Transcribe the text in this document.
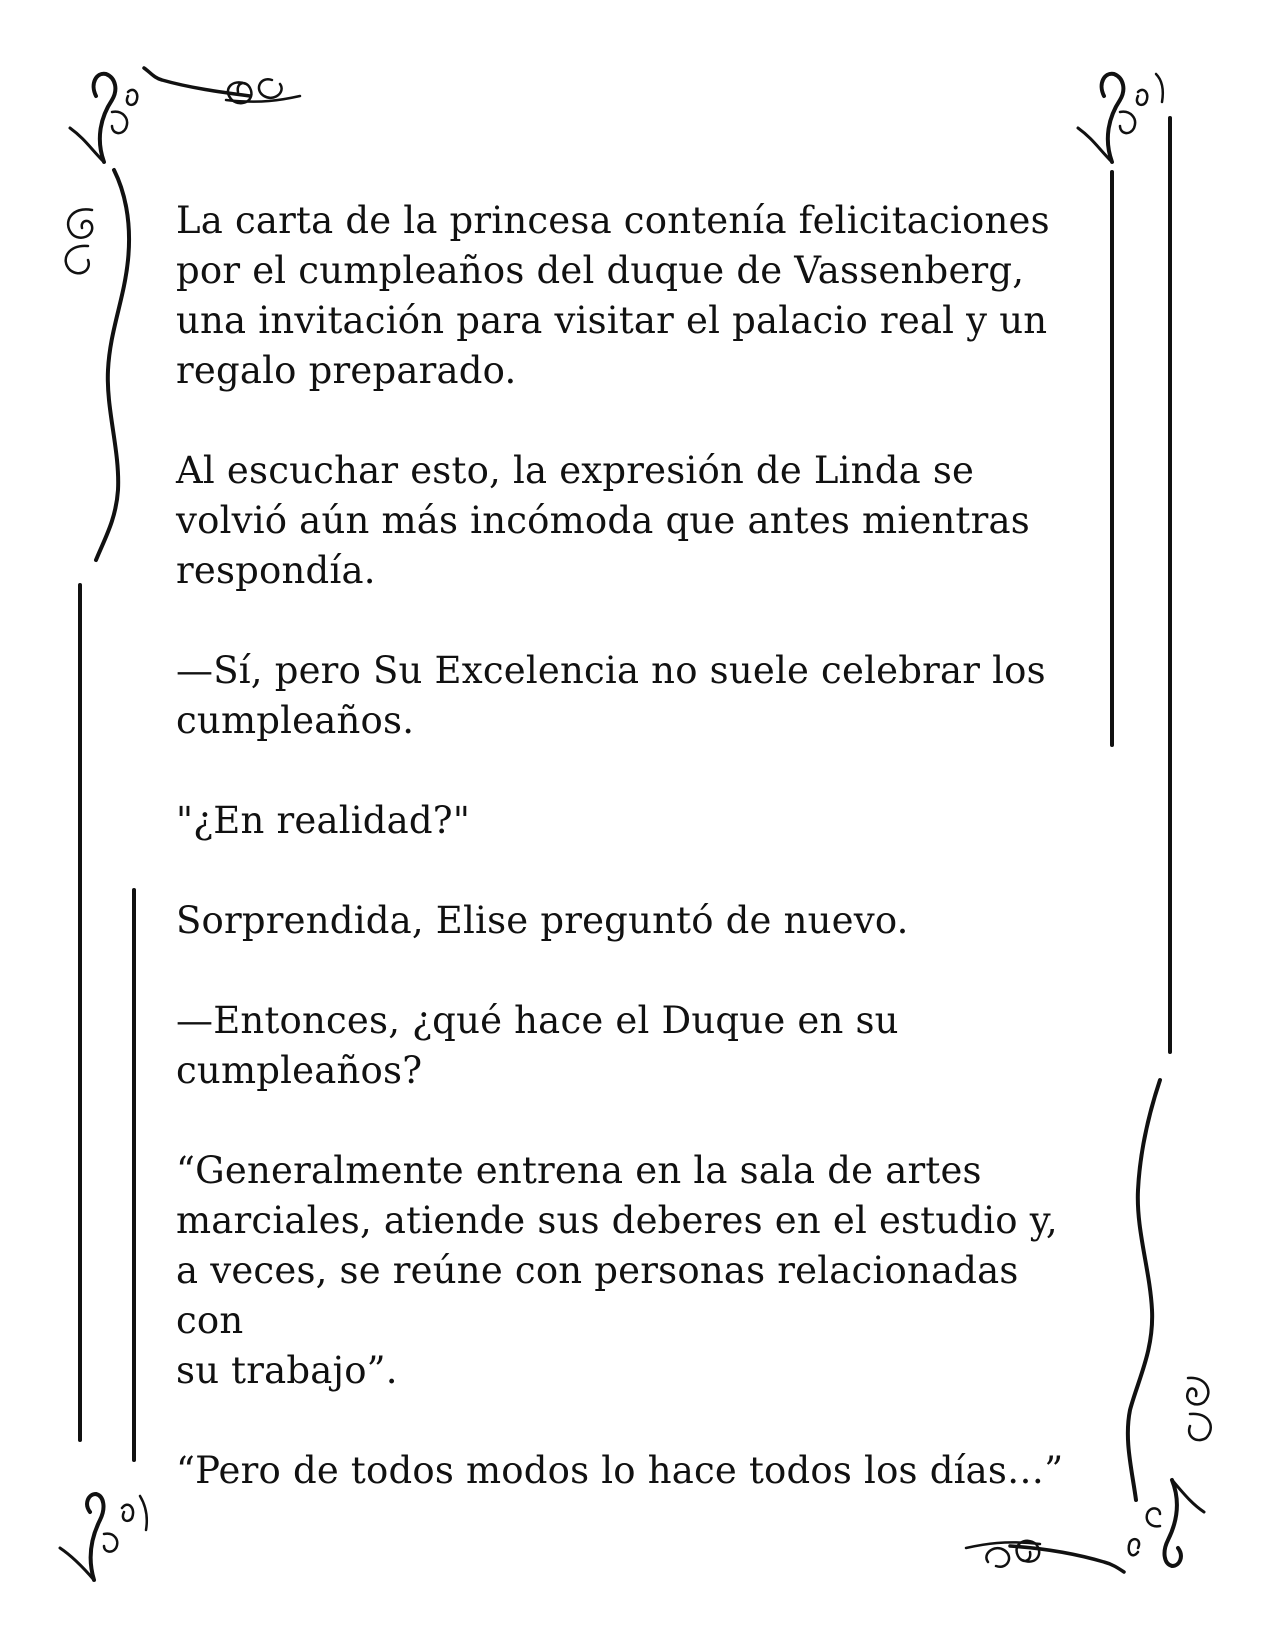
La carta de la princesa contenía felicitaciones
por el cumpleaños del duque de Vassenberg,
una invitación para visitar el palacio real y un
regalo preparado.

Al escuchar esto, la expresión de Linda se
volvió aún más incómoda que antes mientras
respondía.

—Sí, pero Su Excelencia no suele celebrar los
cumpleaños.

"¿En realidad?"

Sorprendida, Elise preguntó de nuevo.

—Entonces, ¿qué hace el Duque en su
cumpleaños?

“Generalmente entrena en la sala de artes
marciales, atiende sus deberes en el estudio y,
a veces, se reúne con personas relacionadas con
su trabajo”.

“Pero de todos modos lo hace todos los días…”
